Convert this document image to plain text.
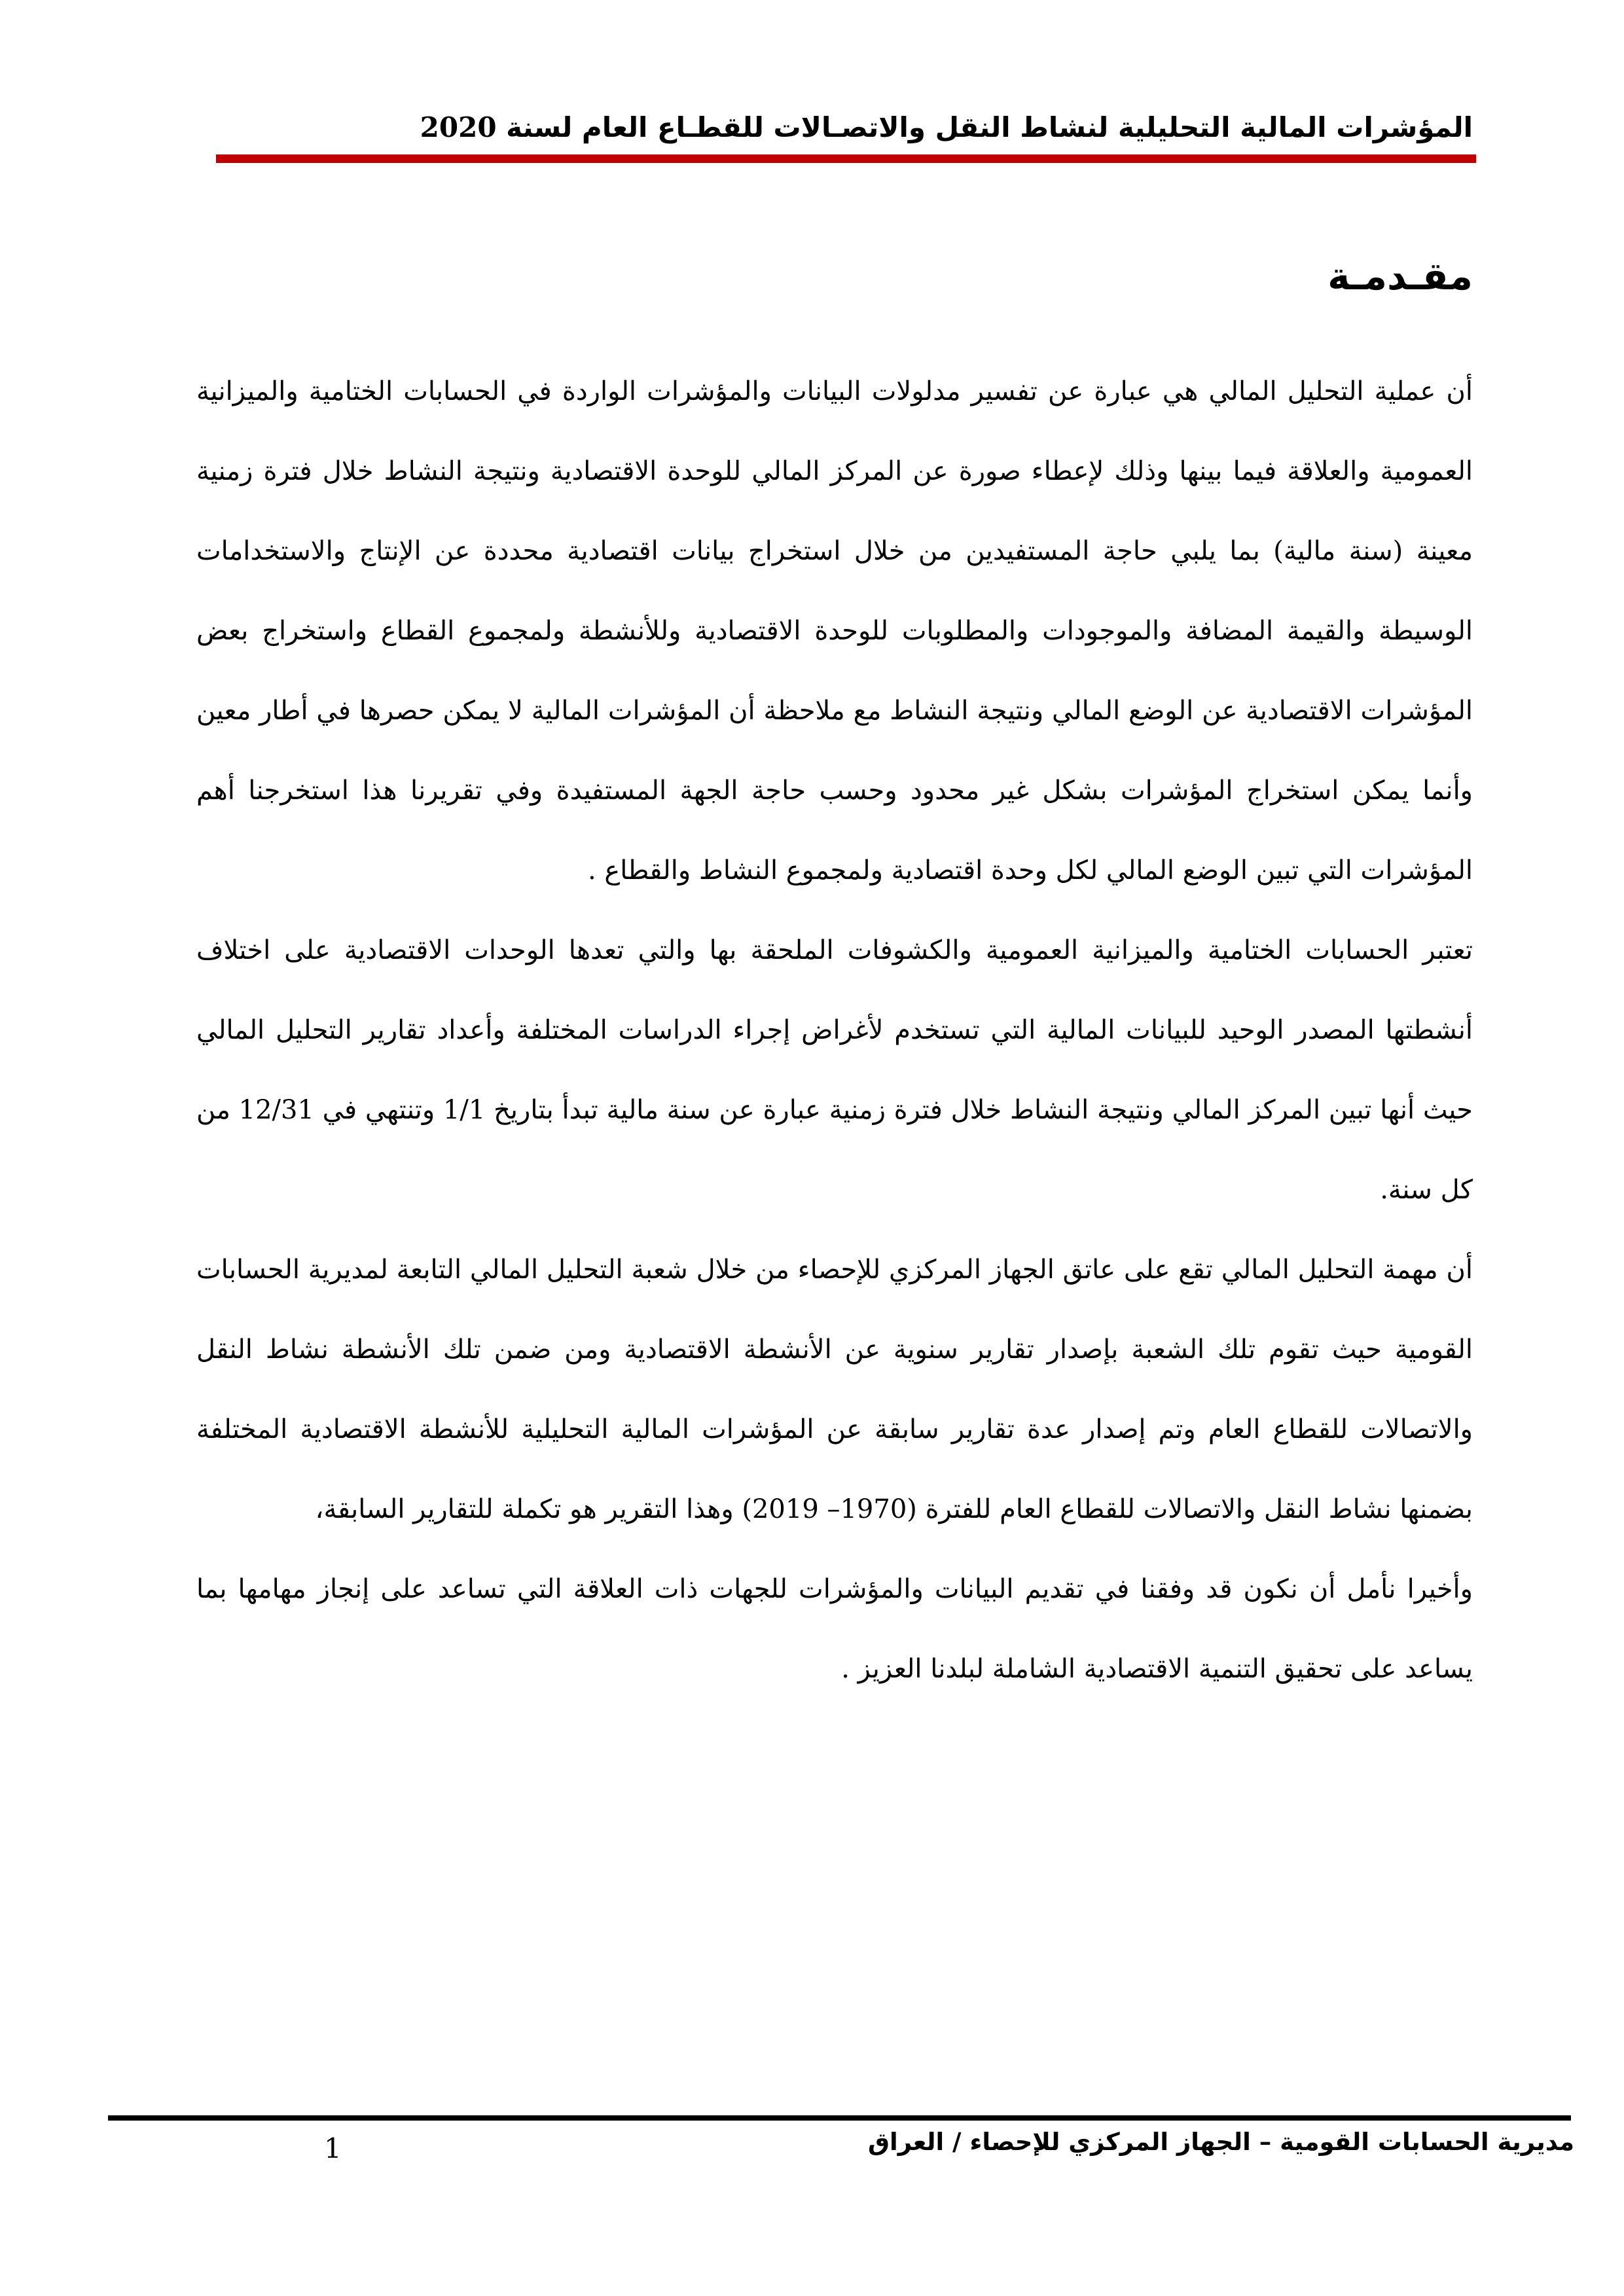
المؤشرات المالية التحليلية لنشاط النقل والاتصـالات للقطـاع العام لسنة 2020
مقـدمـة

أن عملية التحليل المالي هي عبارة عن تفسير مدلولات البيانات والمؤشرات الواردة في الحسابات الختامية والميزانية العمومية والعلاقة فيما بينها وذلك لإعطاء صورة عن المركز المالي للوحدة الاقتصادية ونتيجة النشاط خلال فترة زمنية معينة (سنة مالية) بما يلبي حاجة المستفيدين من خلال استخراج بيانات اقتصادية محددة عن الإنتاج والاستخدامات الوسيطة والقيمة المضافة والموجودات والمطلوبات للوحدة الاقتصادية وللأنشطة ولمجموع القطاع واستخراج بعض المؤشرات الاقتصادية عن الوضع المالي ونتيجة النشاط مع ملاحظة أن المؤشرات المالية لا يمكن حصرها في أطار معين وأنما يمكن استخراج المؤشرات بشكل غير محدود وحسب حاجة الجهة المستفيدة وفي تقريرنا هذا استخرجنا أهم المؤشرات التي تبين الوضع المالي لكل وحدة اقتصادية ولمجموع النشاط والقطاع .

تعتبر الحسابات الختامية والميزانية العمومية والكشوفات الملحقة بها والتي تعدها الوحدات الاقتصادية على اختلاف أنشطتها المصدر الوحيد للبيانات المالية التي تستخدم لأغراض إجراء الدراسات المختلفة وأعداد تقارير التحليل المالي حيث أنها تبين المركز المالي ونتيجة النشاط خلال فترة زمنية عبارة عن سنة مالية تبدأ بتاريخ 1/1 وتنتهي في 12/31 من كل سنة.

أن مهمة التحليل المالي تقع على عاتق الجهاز المركزي للإحصاء من خلال شعبة التحليل المالي التابعة لمديرية الحسابات القومية حيث تقوم تلك الشعبة بإصدار تقارير سنوية عن الأنشطة الاقتصادية ومن ضمن تلك الأنشطة نشاط النقل والاتصالات للقطاع العام وتم إصدار عدة تقارير سابقة عن المؤشرات المالية التحليلية للأنشطة الاقتصادية المختلفة بضمنها نشاط النقل والاتصالات للقطاع العام للفترة (1970– 2019) وهذا التقرير هو تكملة للتقارير السابقة،

وأخيرا نأمل أن نكون قد وفقنا في تقديم البيانات والمؤشرات للجهات ذات العلاقة التي تساعد على إنجاز مهامها بما يساعد على تحقيق التنمية الاقتصادية الشاملة لبلدنا العزيز .

مديرية الحسابات القومية – الجهاز المركزي للإحصاء / العراق
1
